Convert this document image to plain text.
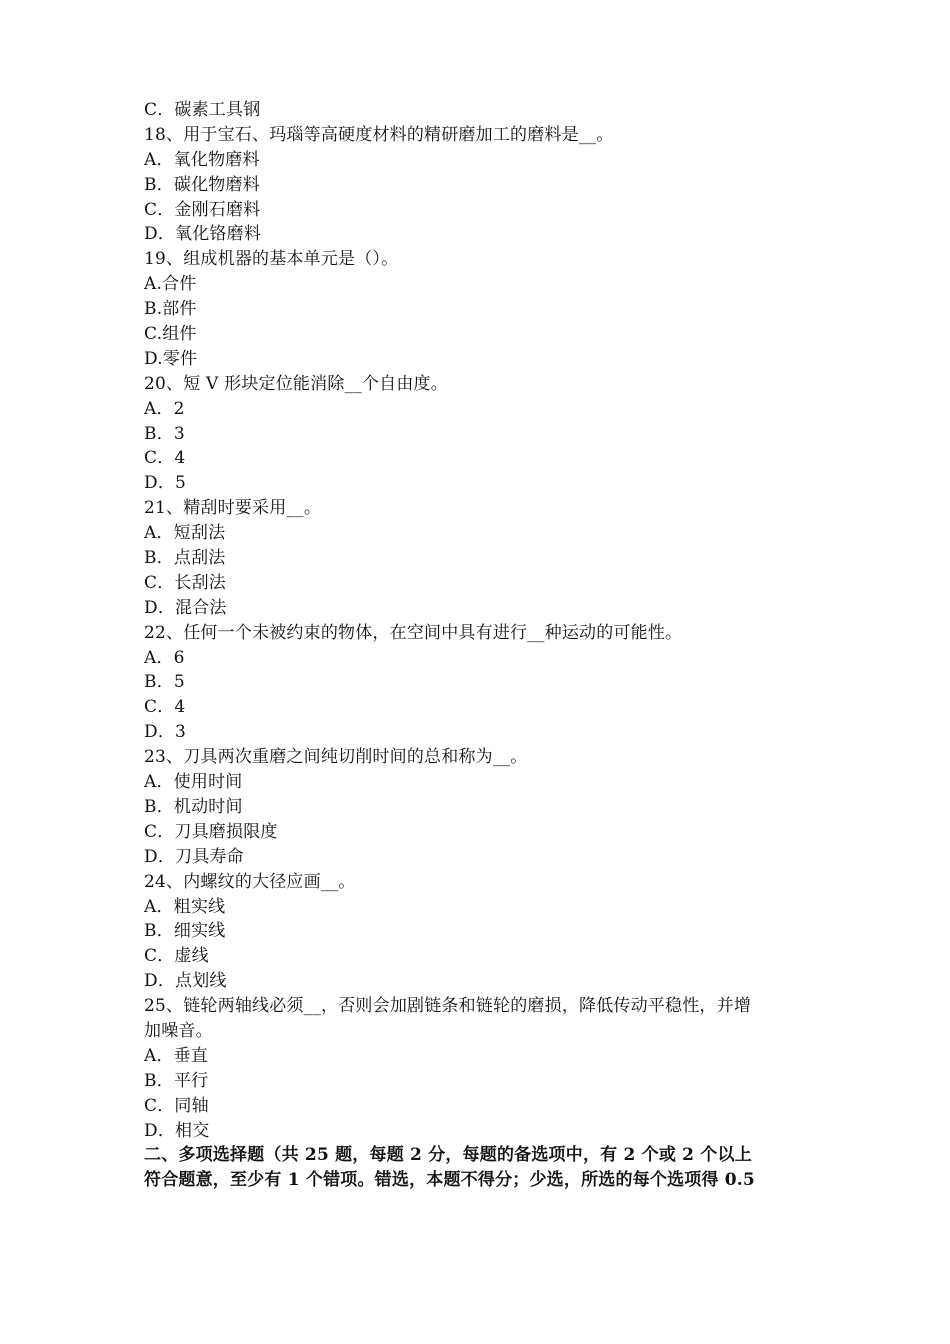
C．碳素工具钢
18、用于宝石、玛瑙等高硬度材料的精研磨加工的磨料是__。
A．氧化物磨料
B．碳化物磨料
C．金刚石磨料
D．氧化铬磨料
19、组成机器的基本单元是（）。
A.合件
B.部件
C.组件
D.零件
20、短 V 形块定位能消除__个自由度。
A．2
B．3
C．4
D．5
21、精刮时要采用__。
A．短刮法
B．点刮法
C．长刮法
D．混合法
22、任何一个未被约束的物体，在空间中具有进行__种运动的可能性。
A．6
B．5
C．4
D．3
23、刀具两次重磨之间纯切削时间的总和称为__。
A．使用时间
B．机动时间
C．刀具磨损限度
D．刀具寿命
24、内螺纹的大径应画__。
A．粗实线
B．细实线
C．虚线
D．点划线
25、链轮两轴线必须__，否则会加剧链条和链轮的磨损，降低传动平稳性，并增
加噪音。
A．垂直
B．平行
C．同轴
D．相交
二、多项选择题（共 25 题，每题 2 分，每题的备选项中，有 2 个或 2 个以上
符合题意，至少有 1 个错项。错选，本题不得分；少选，所选的每个选项得 0.5
